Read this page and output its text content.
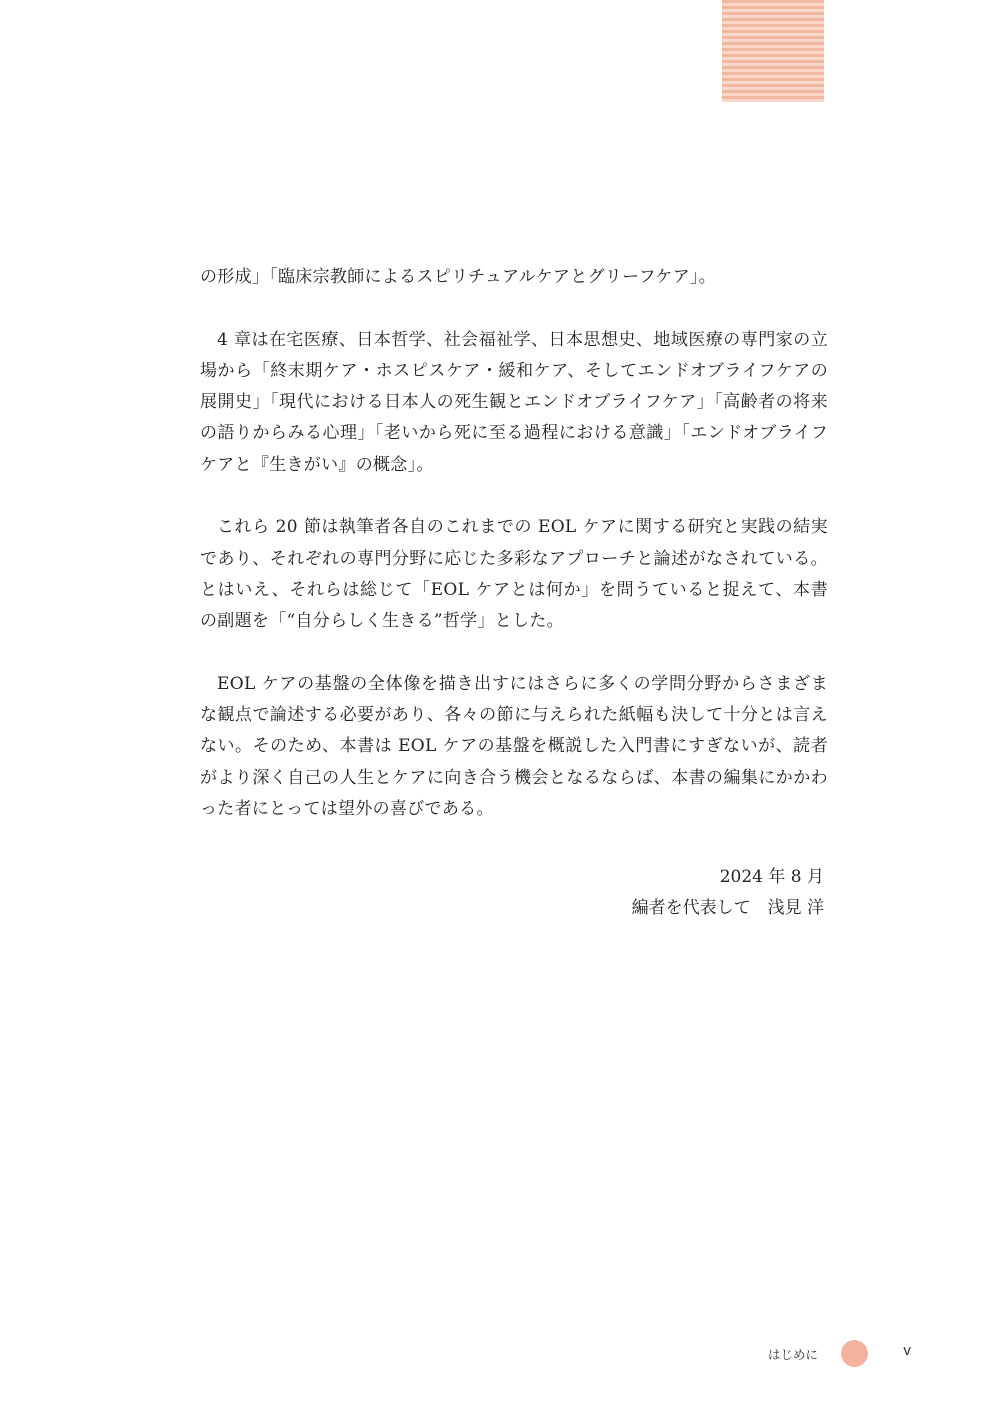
の形成」「臨床宗教師によるスピリチュアルケアとグリーフケア」。

4 章は在宅医療、日本哲学、社会福祉学、日本思想史、地域医療の専門家の立場から「終末期ケア・ホスピスケア・緩和ケア、そしてエンドオブライフケアの展開史」「現代における日本人の死生観とエンドオブライフケア」「高齢者の将来の語りからみる心理」「老いから死に至る過程における意識」「エンドオブライフケアと『生きがい』の概念」。

これら 20 節は執筆者各自のこれまでの EOL ケアに関する研究と実践の結実であり、それぞれの専門分野に応じた多彩なアプローチと論述がなされている。とはいえ、それらは総じて「EOL ケアとは何か」を問うていると捉えて、本書の副題を「“自分らしく生きる”哲学」とした。

EOL ケアの基盤の全体像を描き出すにはさらに多くの学問分野からさまざまな観点で論述する必要があり、各々の節に与えられた紙幅も決して十分とは言えない。そのため、本書は EOL ケアの基盤を概説した入門書にすぎないが、読者がより深く自己の人生とケアに向き合う機会となるならば、本書の編集にかかわった者にとっては望外の喜びである。

2024 年 8 月
編者を代表して　浅見 洋
はじめに	v
